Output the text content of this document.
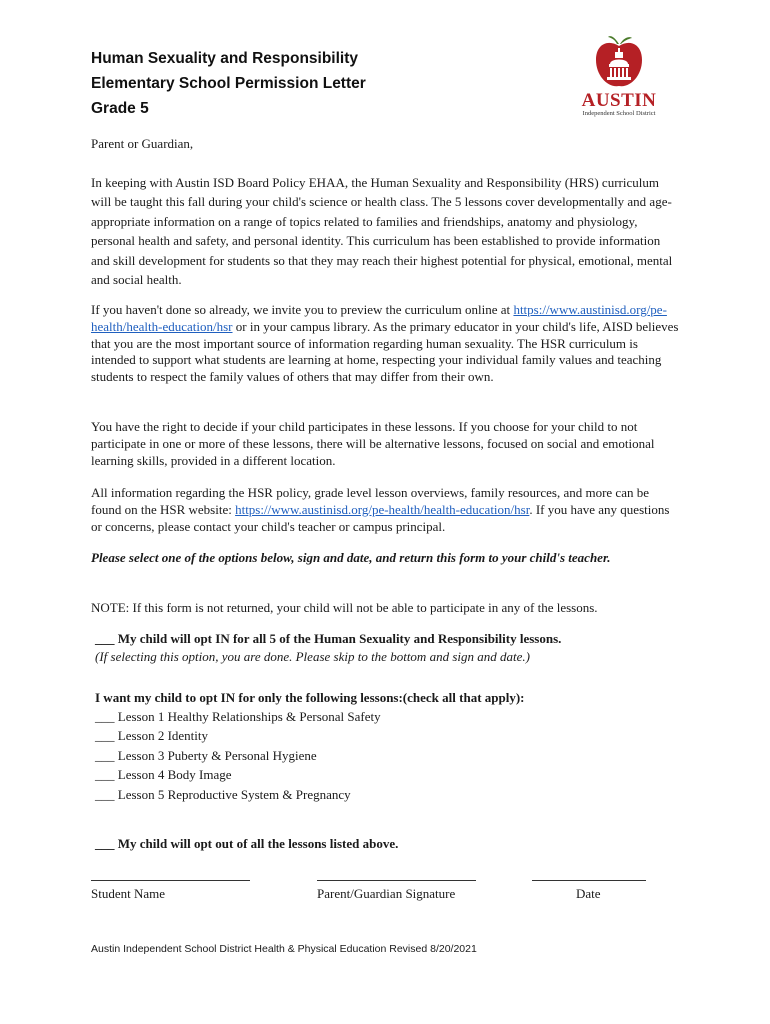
Human Sexuality and Responsibility
Elementary School Permission Letter
Grade 5	AUSTIN
Independent School District
Parent or Guardian,
In keeping with Austin ISD Board Policy EHAA, the Human Sexuality and Responsibility (HRS) curriculum will be taught this fall during your child's science or health class. The 5 lessons cover developmentally and age-appropriate information on a range of topics related to families and friendships, anatomy and physiology, personal health and safety, and personal identity. This curriculum has been established to provide information and skill development for students so that they may reach their highest potential for physical, emotional, mental and social health.
If you haven't done so already, we invite you to preview the curriculum online at https://www.austinisd.org/pe-health/health-education/hsr or in your campus library. As the primary educator in your child's life, AISD believes that you are the most important source of information regarding human sexuality. The HSR curriculum is intended to support what students are learning at home, respecting your individual family values and teaching students to respect the family values of others that may differ from their own.
You have the right to decide if your child participates in these lessons. If you choose for your child to not participate in one or more of these lessons, there will be alternative lessons, focused on social and emotional learning skills, provided in a different location.
All information regarding the HSR policy, grade level lesson overviews, family resources, and more can be found on the HSR website: https://www.austinisd.org/pe-health/health-education/hsr. If you have any questions or concerns, please contact your child's teacher or campus principal.
Please select one of the options below, sign and date, and return this form to your child's teacher.
NOTE: If this form is not returned, your child will not be able to participate in any of the lessons.
___ My child will opt IN for all 5 of the Human Sexuality and Responsibility lessons.
(If selecting this option, you are done. Please skip to the bottom and sign and date.)
I want my child to opt IN for only the following lessons:(check all that apply):
___ Lesson 1 Healthy Relationships & Personal Safety
___ Lesson 2 Identity
___ Lesson 3 Puberty & Personal Hygiene
___ Lesson 4 Body Image
___ Lesson 5 Reproductive System & Pregnancy
___ My child will opt out of all the lessons listed above.
Student Name	Parent/Guardian Signature	Date
Austin Independent School District Health & Physical Education Revised 8/20/2021
